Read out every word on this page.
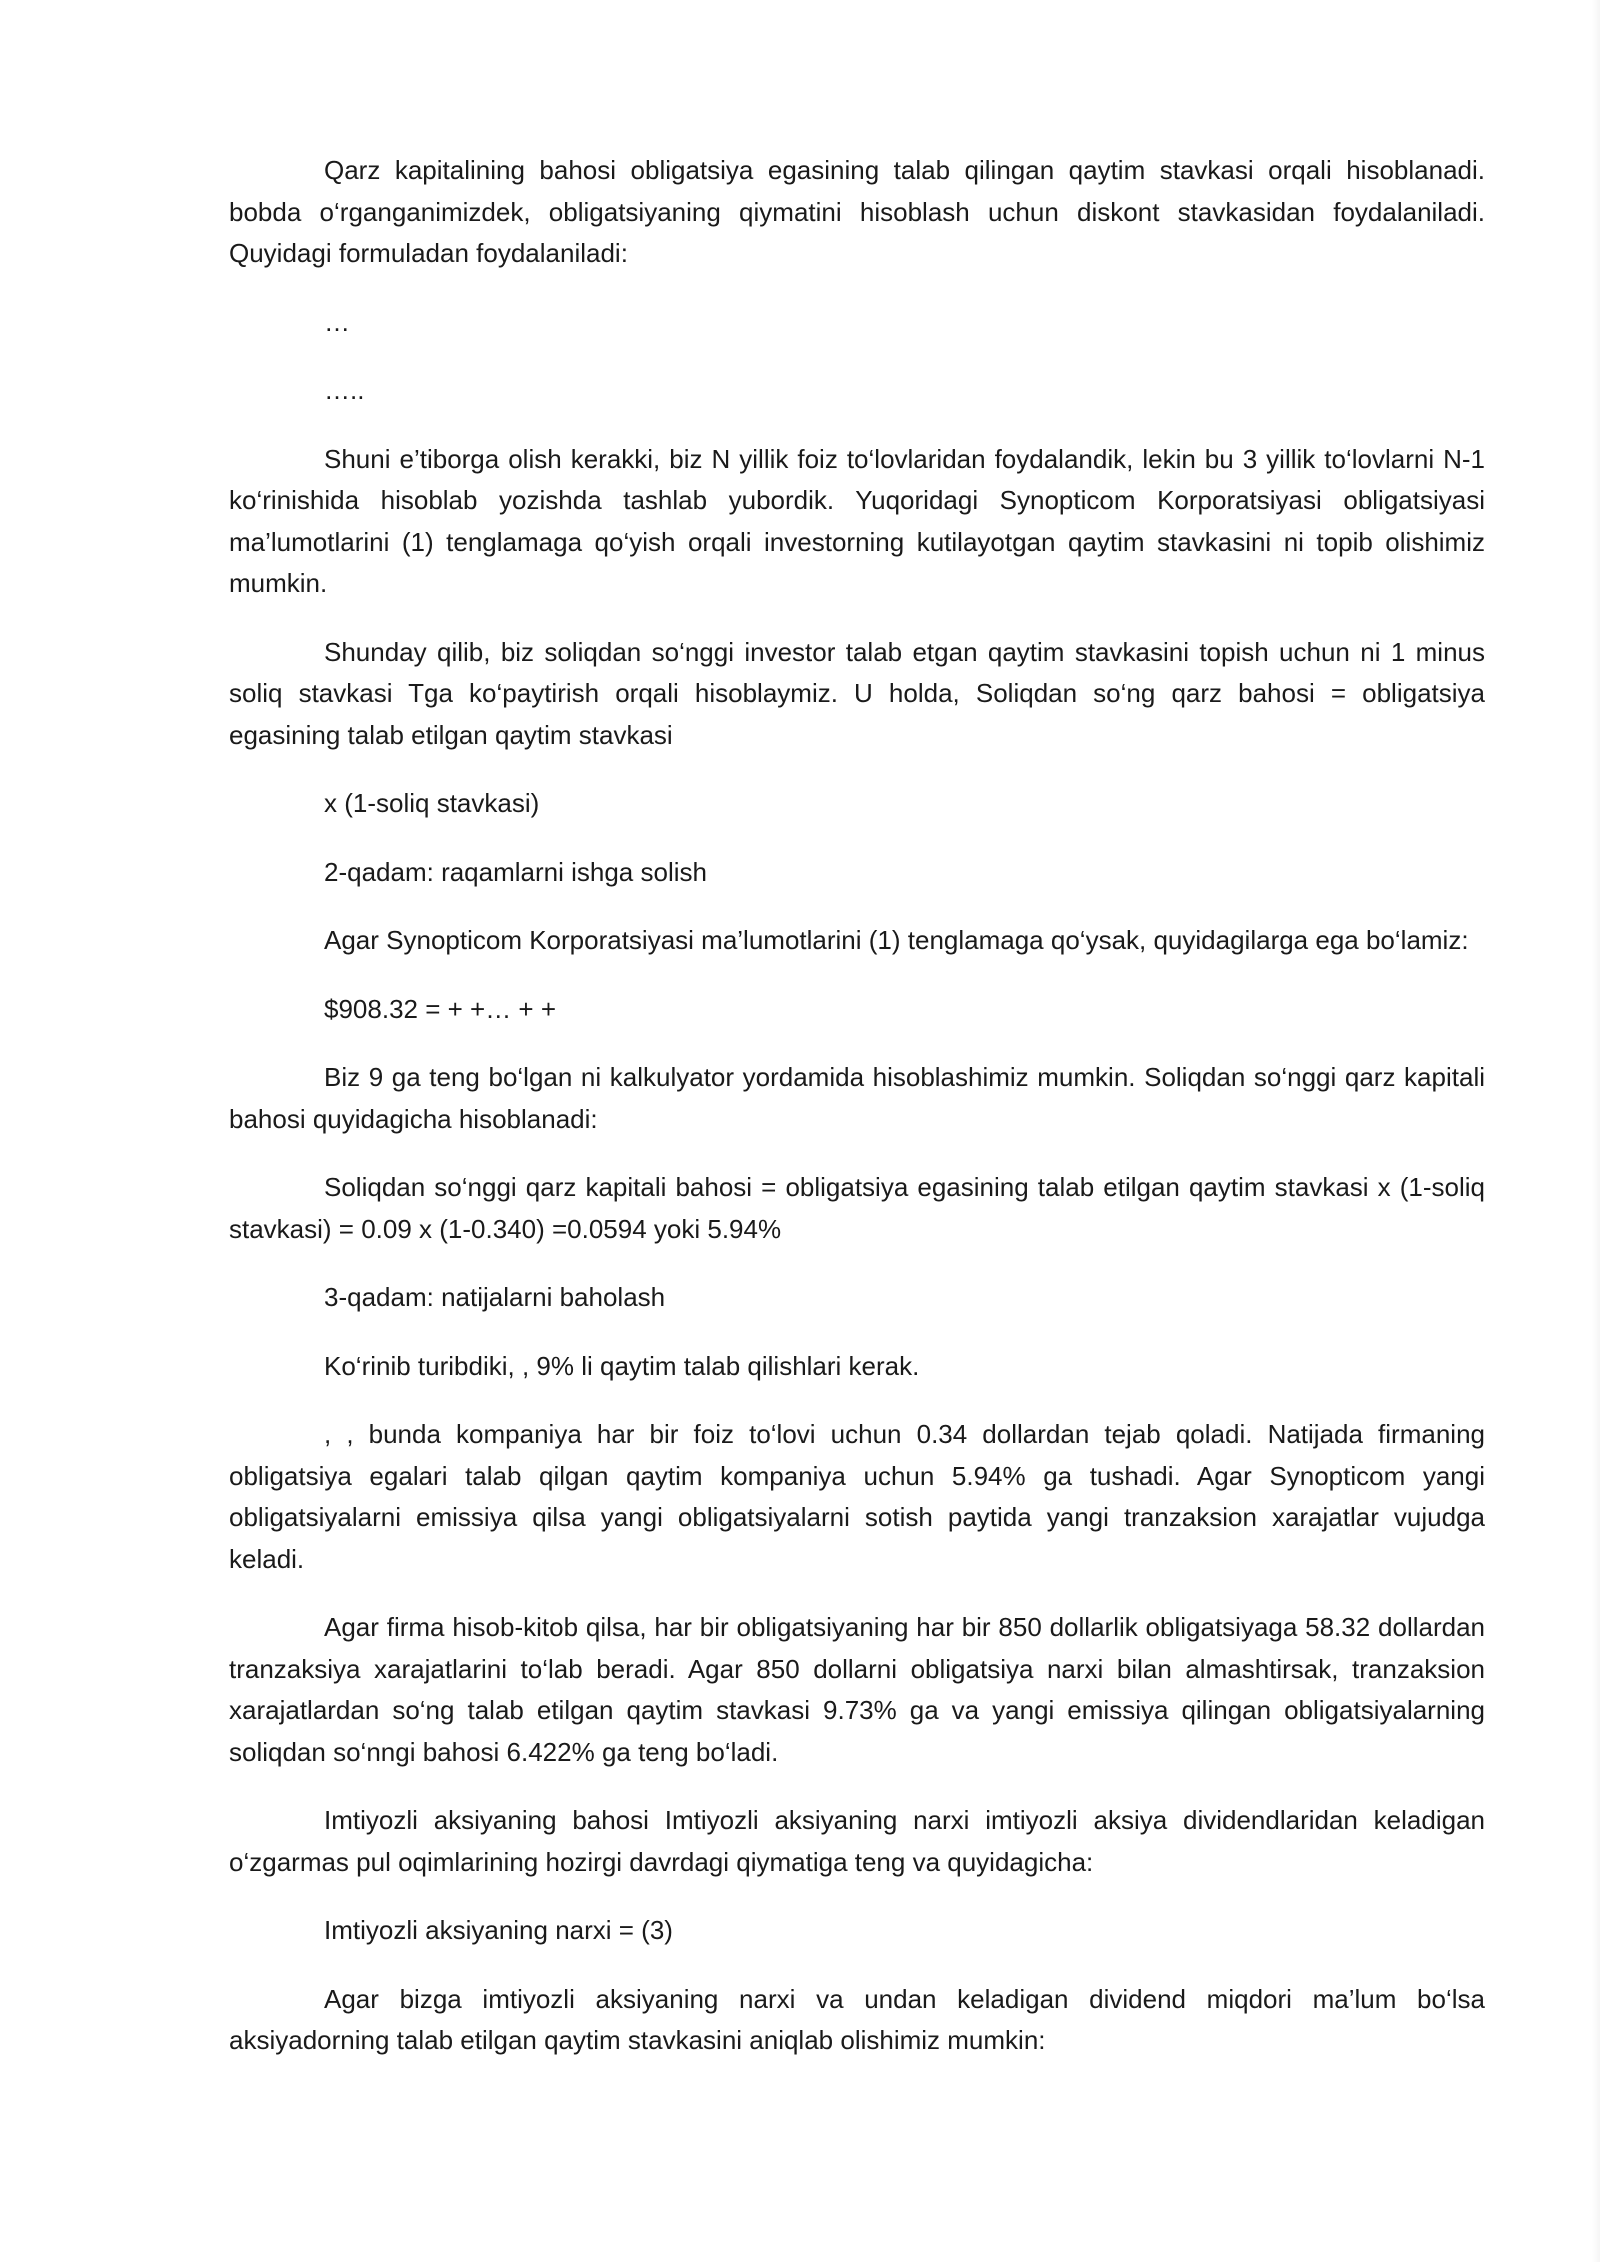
Qarz kapitalining bahosi obligatsiya egasining talab qilingan qaytim stavkasi orqali hisoblanadi. bobda o‘rganganimizdek, obligatsiyaning qiymatini hisoblash uchun diskont stavkasidan foydalaniladi. Quyidagi formuladan foydalaniladi:

…

…..

Shuni e’tiborga olish kerakki, biz N yillik foiz to‘lovlaridan foydalandik, lekin bu 3 yillik to‘lovlarni N-1 ko‘rinishida hisoblab yozishda tashlab yubordik. Yuqoridagi Synopticom Korporatsiyasi obligatsiyasi ma’lumotlarini (1) tenglamaga qo‘yish orqali investorning kutilayotgan qaytim stavkasini ni topib olishimiz mumkin.

Shunday qilib, biz soliqdan so‘nggi investor talab etgan qaytim stavkasini topish uchun ni 1 minus soliq stavkasi Tga ko‘paytirish orqali hisoblaymiz. U holda, Soliqdan so‘ng qarz bahosi = obligatsiya egasining talab etilgan qaytim stavkasi

x (1-soliq stavkasi)

2-qadam: raqamlarni ishga solish

Agar Synopticom Korporatsiyasi ma’lumotlarini (1) tenglamaga qo‘ysak, quyidagilarga ega bo‘lamiz:

$908.32 = + +… + +

Biz 9 ga teng bo‘lgan ni kalkulyator yordamida hisoblashimiz mumkin. Soliqdan so‘nggi qarz kapitali bahosi quyidagicha hisoblanadi:

Soliqdan so‘nggi qarz kapitali bahosi = obligatsiya egasining talab etilgan qaytim stavkasi x (1-soliq stavkasi) = 0.09 x (1-0.340) =0.0594 yoki 5.94%

3-qadam: natijalarni baholash

Ko‘rinib turibdiki, , 9% li qaytim talab qilishlari kerak.

, , bunda kompaniya har bir foiz to‘lovi uchun 0.34 dollardan tejab qoladi. Natijada firmaning obligatsiya egalari talab qilgan qaytim kompaniya uchun 5.94% ga tushadi. Agar Synopticom yangi obligatsiyalarni emissiya qilsa yangi obligatsiyalarni sotish paytida yangi tranzaksion xarajatlar vujudga keladi.

Agar firma hisob-kitob qilsa, har bir obligatsiyaning har bir 850 dollarlik obligatsiyaga 58.32 dollardan tranzaksiya xarajatlarini to‘lab beradi. Agar 850 dollarni obligatsiya narxi bilan almashtirsak, tranzaksion xarajatlardan so‘ng talab etilgan qaytim stavkasi 9.73% ga va yangi emissiya qilingan obligatsiyalarning soliqdan so‘nngi bahosi 6.422% ga teng bo‘ladi.

Imtiyozli aksiyaning bahosi Imtiyozli aksiyaning narxi imtiyozli aksiya dividendlaridan keladigan o‘zgarmas pul oqimlarining hozirgi davrdagi qiymatiga teng va quyidagicha:

Imtiyozli aksiyaning narxi = (3)

Agar bizga imtiyozli aksiyaning narxi va undan keladigan dividend miqdori ma’lum bo‘lsa aksiyadorning talab etilgan qaytim stavkasini aniqlab olishimiz mumkin:
